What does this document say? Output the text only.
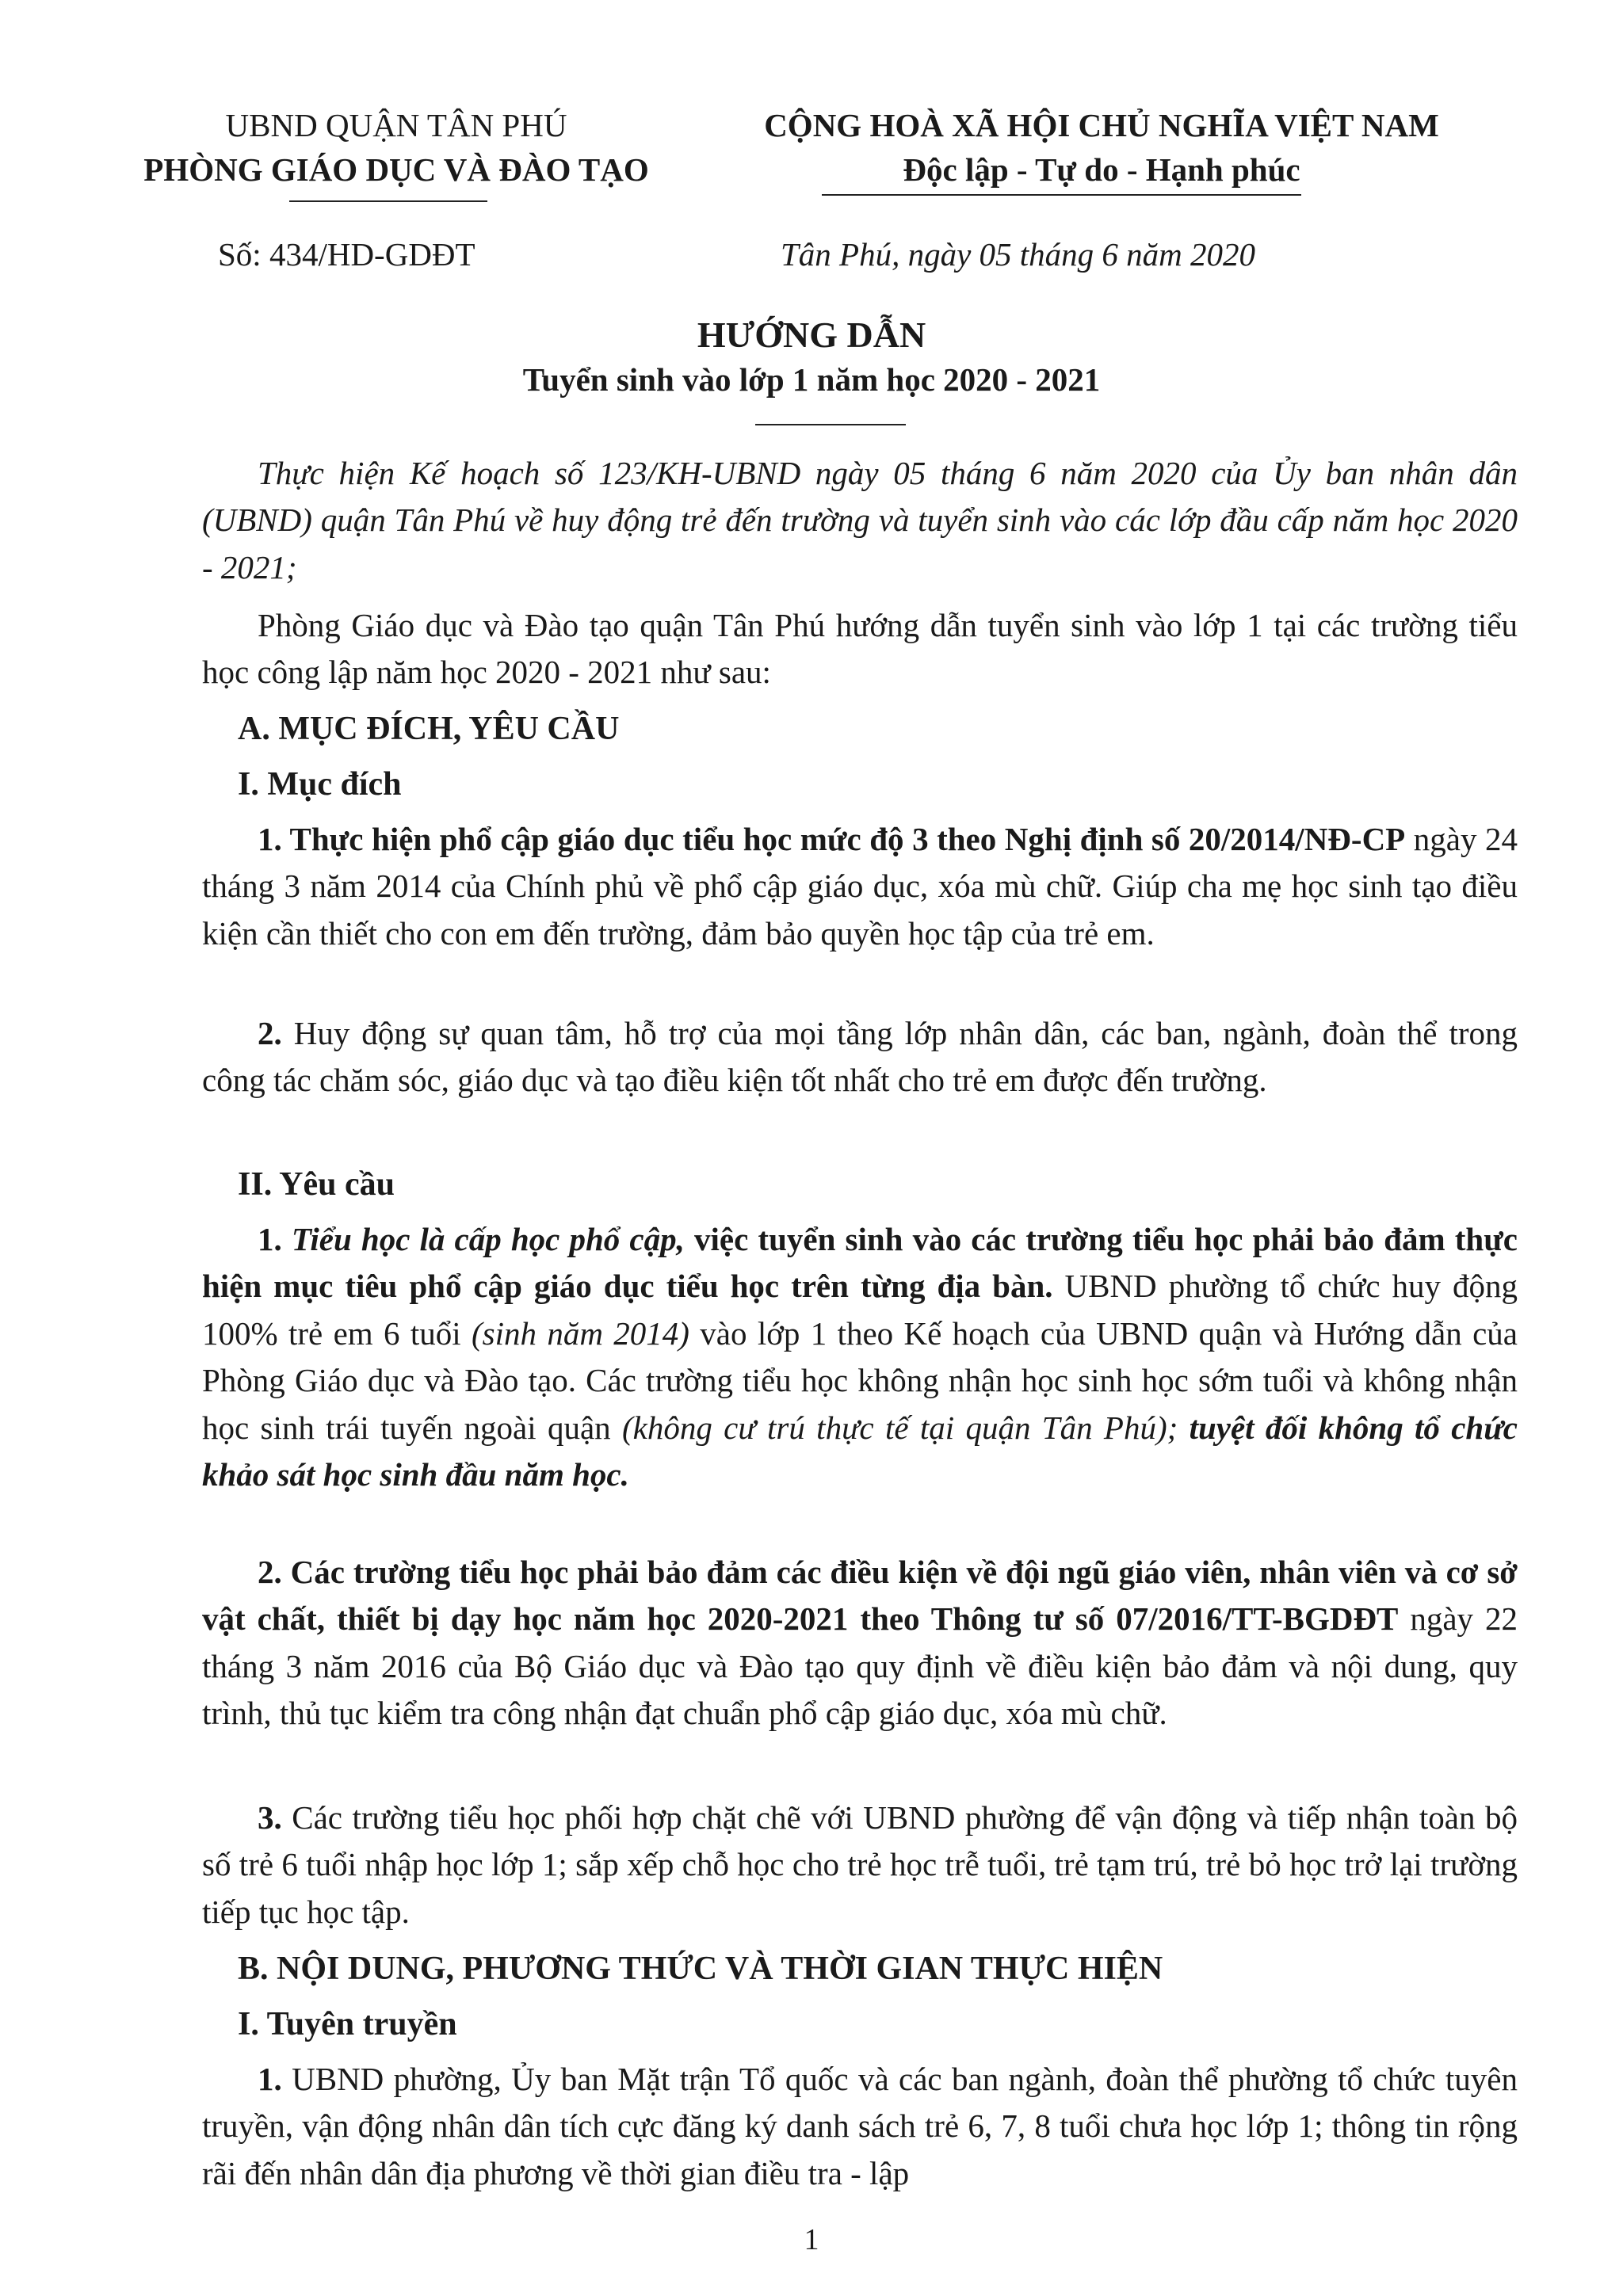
UBND QUẬN TÂN PHÚ
PHÒNG GIÁO DỤC VÀ ĐÀO TẠO
CỘNG HOÀ XÃ HỘI CHỦ NGHĨA VIỆT NAM
Độc lập - Tự do - Hạnh phúc
Số: 434/HD-GDĐT	Tân Phú, ngày 05 tháng 6 năm 2020
HƯỚNG DẪN
Tuyển sinh vào lớp 1 năm học 2020 - 2021

Thực hiện Kế hoạch số 123/KH-UBND ngày 05 tháng 6 năm 2020 của Ủy ban nhân dân (UBND) quận Tân Phú về huy động trẻ đến trường và tuyển sinh vào các lớp đầu cấp năm học 2020 - 2021;

Phòng Giáo dục và Đào tạo quận Tân Phú hướng dẫn tuyển sinh vào lớp 1 tại các trường tiểu học công lập năm học 2020 - 2021 như sau:

A. MỤC ĐÍCH, YÊU CẦU
I. Mục đích

1. Thực hiện phổ cập giáo dục tiểu học mức độ 3 theo Nghị định số 20/2014/NĐ-CP ngày 24 tháng 3 năm 2014 của Chính phủ về phổ cập giáo dục, xóa mù chữ. Giúp cha mẹ học sinh tạo điều kiện cần thiết cho con em đến trường, đảm bảo quyền học tập của trẻ em.

2. Huy động sự quan tâm, hỗ trợ của mọi tầng lớp nhân dân, các ban, ngành, đoàn thể trong công tác chăm sóc, giáo dục và tạo điều kiện tốt nhất cho trẻ em được đến trường.

II. Yêu cầu

1. Tiểu học là cấp học phổ cập, việc tuyển sinh vào các trường tiểu học phải bảo đảm thực hiện mục tiêu phổ cập giáo dục tiểu học trên từng địa bàn. UBND phường tổ chức huy động 100% trẻ em 6 tuổi (sinh năm 2014) vào lớp 1 theo Kế hoạch của UBND quận và Hướng dẫn của Phòng Giáo dục và Đào tạo. Các trường tiểu học không nhận học sinh học sớm tuổi và không nhận học sinh trái tuyến ngoài quận (không cư trú thực tế tại quận Tân Phú); tuyệt đối không tổ chức khảo sát học sinh đầu năm học.

2. Các trường tiểu học phải bảo đảm các điều kiện về đội ngũ giáo viên, nhân viên và cơ sở vật chất, thiết bị dạy học năm học 2020-2021 theo Thông tư số 07/2016/TT-BGDĐT ngày 22 tháng 3 năm 2016 của Bộ Giáo dục và Đào tạo quy định về điều kiện bảo đảm và nội dung, quy trình, thủ tục kiểm tra công nhận đạt chuẩn phổ cập giáo dục, xóa mù chữ.

3. Các trường tiểu học phối hợp chặt chẽ với UBND phường để vận động và tiếp nhận toàn bộ số trẻ 6 tuổi nhập học lớp 1; sắp xếp chỗ học cho trẻ học trễ tuổi, trẻ tạm trú, trẻ bỏ học trở lại trường tiếp tục học tập.

B. NỘI DUNG, PHƯƠNG THỨC VÀ THỜI GIAN THỰC HIỆN
I. Tuyên truyền

1. UBND phường, Ủy ban Mặt trận Tổ quốc và các ban ngành, đoàn thể phường tổ chức tuyên truyền, vận động nhân dân tích cực đăng ký danh sách trẻ 6, 7, 8 tuổi chưa học lớp 1; thông tin rộng rãi đến nhân dân địa phương về thời gian điều tra - lập

1
